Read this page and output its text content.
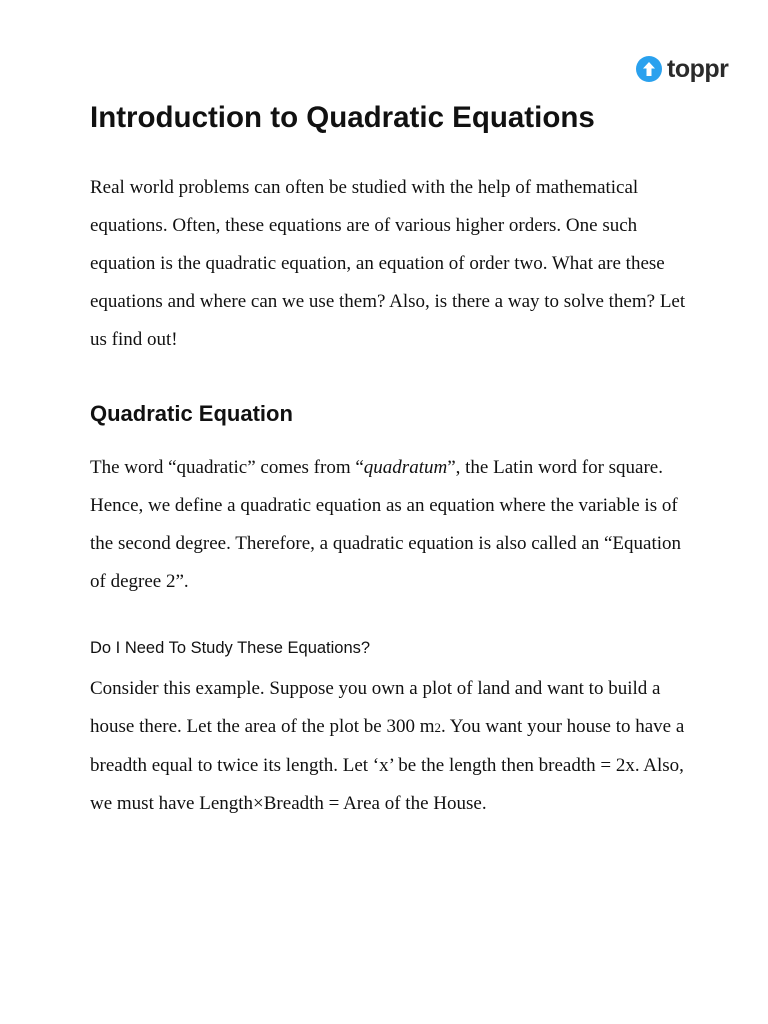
toppr
Introduction to Quadratic Equations

Real world problems can often be studied with the help of mathematical equations. Often, these equations are of various higher orders. One such equation is the quadratic equation, an equation of order two. What are these equations and where can we use them? Also, is there a way to solve them? Let us find out!

Quadratic Equation

The word “quadratic” comes from “quadratum”, the Latin word for square. Hence, we define a quadratic equation as an equation where the variable is of the second degree. Therefore, a quadratic equation is also called an “Equation of degree 2”.

Do I Need To Study These Equations?

Consider this example. Suppose you own a plot of land and want to build a house there. Let the area of the plot be 300 m2. You want your house to have a breadth equal to twice its length. Let ‘x’ be the length then breadth = 2x. Also, we must have Length×Breadth = Area of the House.
